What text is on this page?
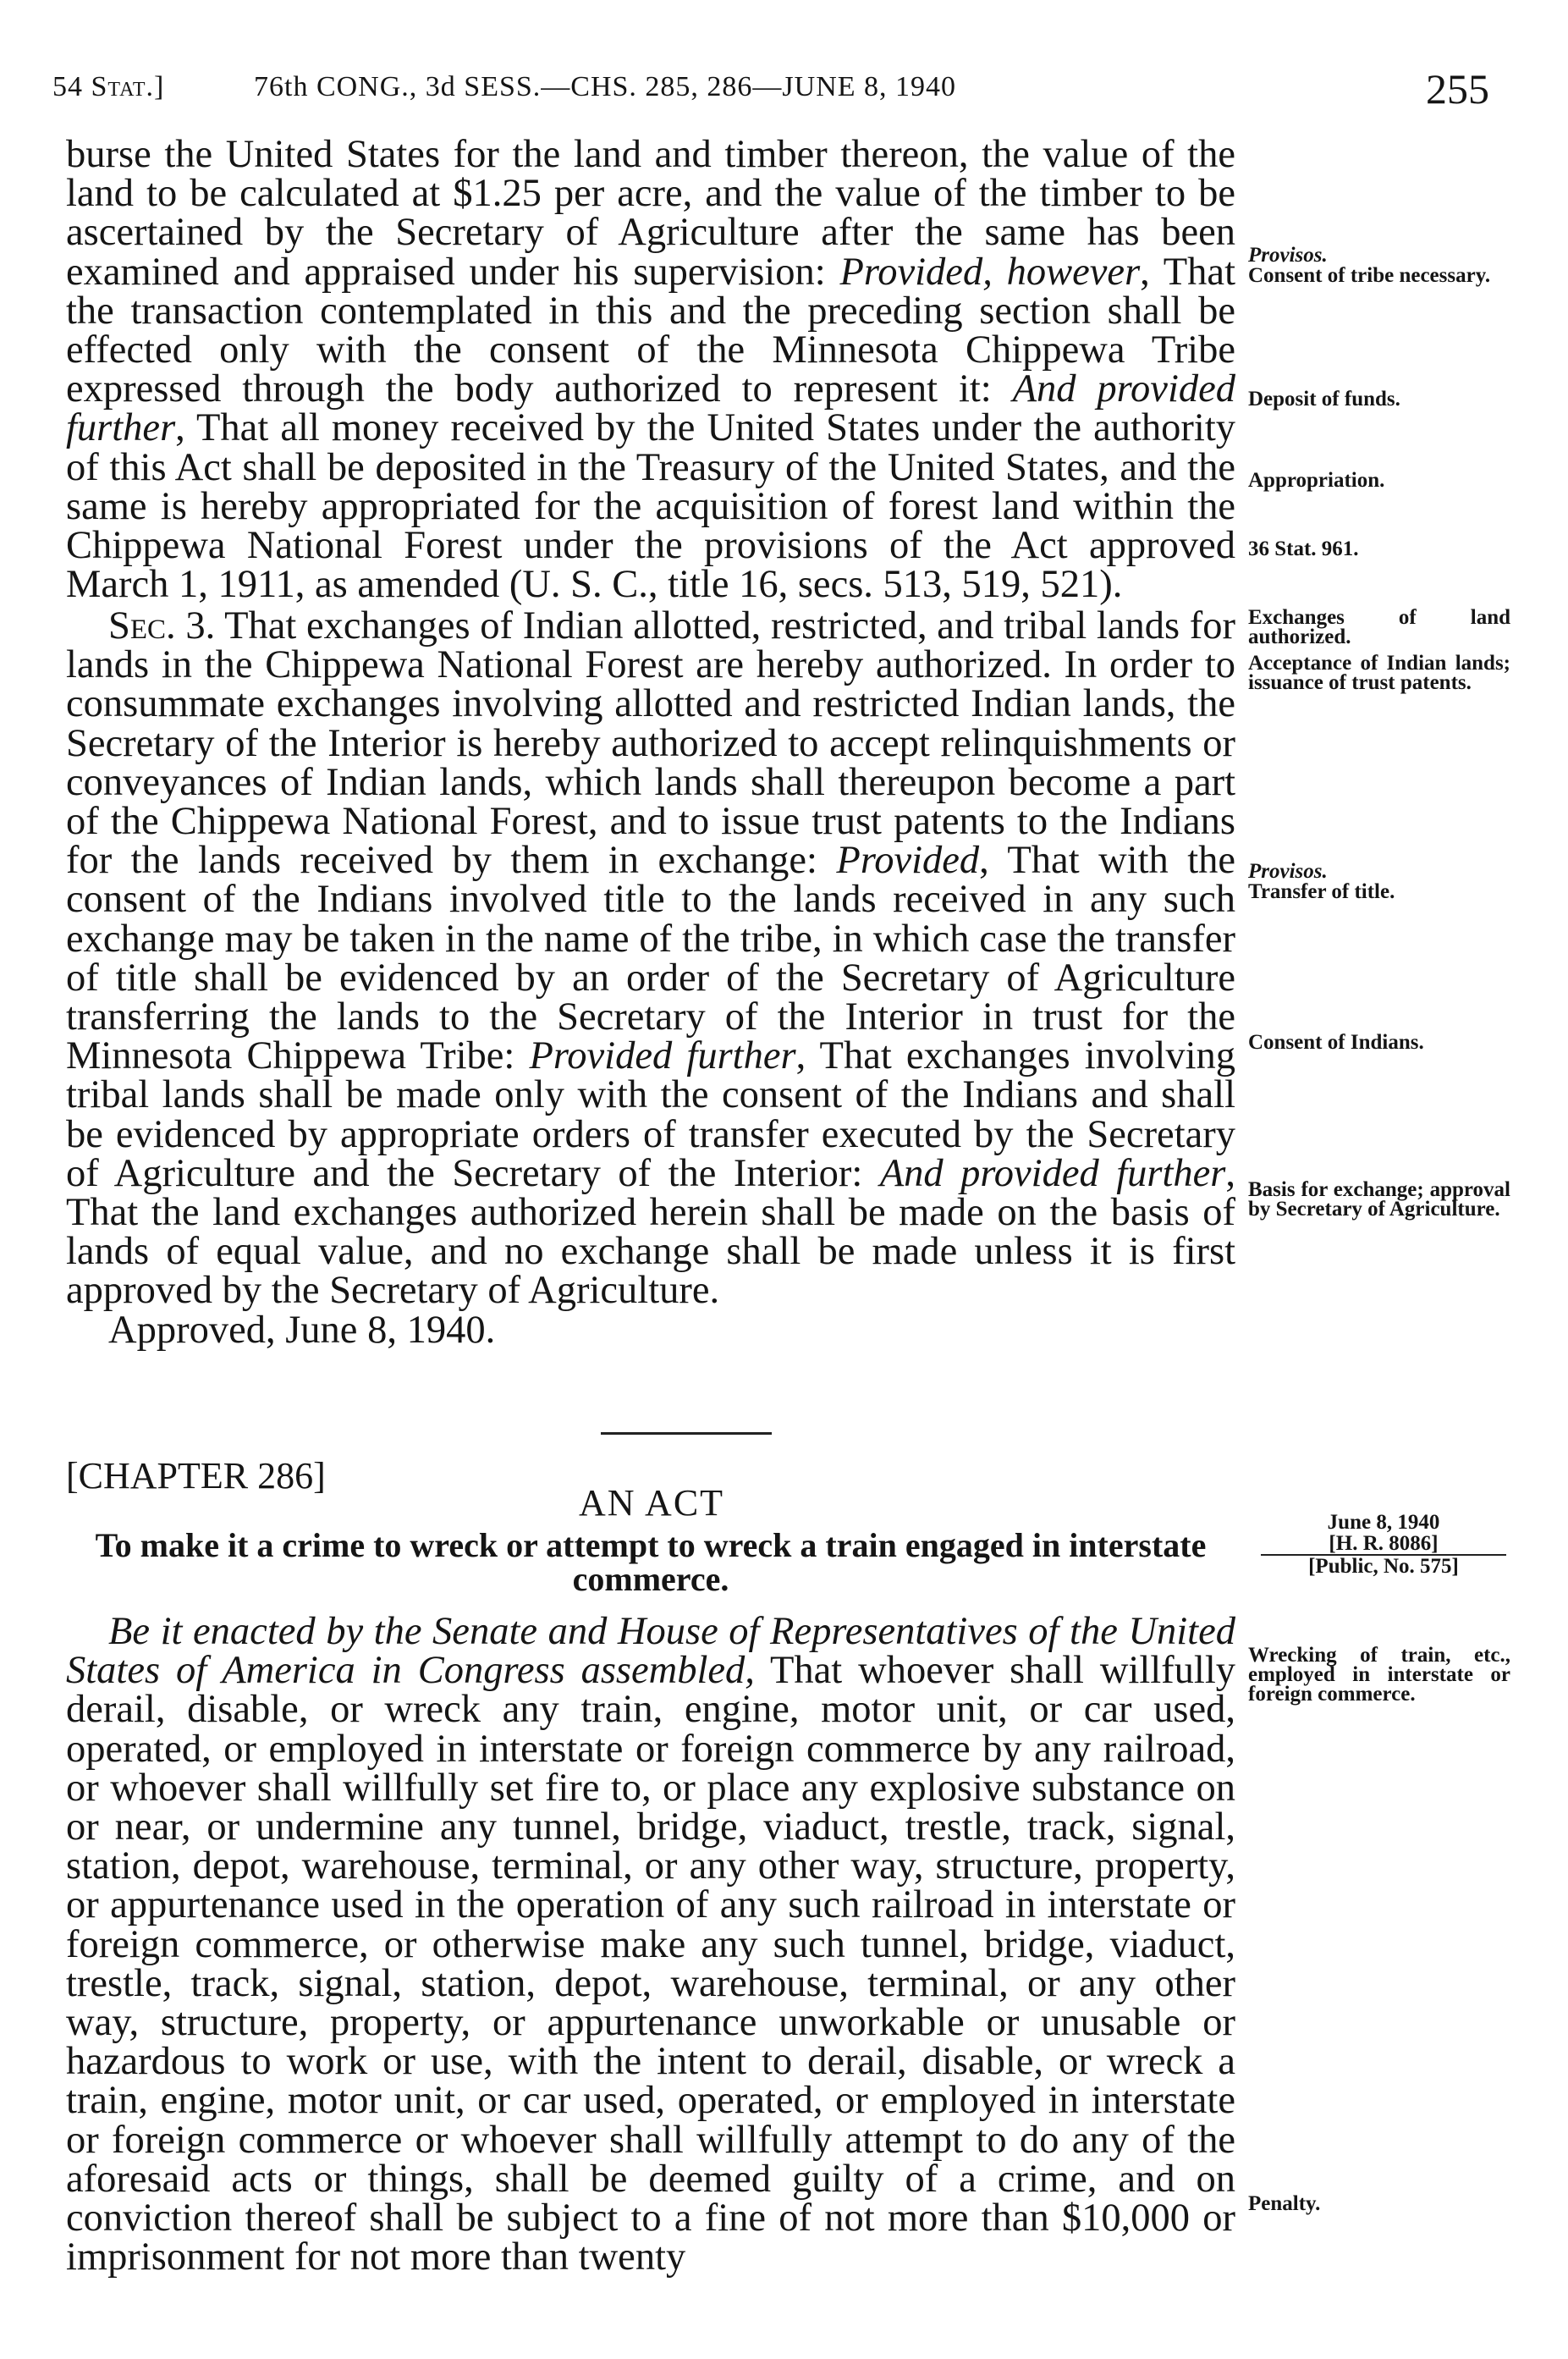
54 Stat.]	76th CONG., 3d SESS.—CHS. 285, 286—JUNE 8, 1940	255

burse the United States for the land and timber thereon, the value of the land to be calculated at $1.25 per acre, and the value of the timber to be ascertained by the Secretary of Agriculture after the same has been examined and appraised under his supervision: Provided, however, That the transaction contemplated in this and the preceding section shall be effected only with the consent of the Minnesota Chippewa Tribe expressed through the body authorized to represent it: And provided further, That all money received by the United States under the authority of this Act shall be deposited in the Treasury of the United States, and the same is hereby appropriated for the acquisition of forest land within the Chippewa National Forest under the provisions of the Act approved March 1, 1911, as amended (U. S. C., title 16, secs. 513, 519, 521).

Sec. 3. That exchanges of Indian allotted, restricted, and tribal lands for lands in the Chippewa National Forest are hereby authorized. In order to consummate exchanges involving allotted and restricted Indian lands, the Secretary of the Interior is hereby authorized to accept relinquishments or conveyances of Indian lands, which lands shall thereupon become a part of the Chippewa National Forest, and to issue trust patents to the Indians for the lands received by them in exchange: Provided, That with the consent of the Indians involved title to the lands received in any such exchange may be taken in the name of the tribe, in which case the transfer of title shall be evidenced by an order of the Secretary of Agriculture transferring the lands to the Secretary of the Interior in trust for the Minnesota Chippewa Tribe: Provided further, That exchanges involving tribal lands shall be made only with the consent of the Indians and shall be evidenced by appropriate orders of transfer executed by the Secretary of Agriculture and the Secretary of the Interior: And provided further, That the land exchanges authorized herein shall be made on the basis of lands of equal value, and no exchange shall be made unless it is first approved by the Secretary of Agriculture.

Approved, June 8, 1940.

[CHAPTER 286]
AN ACT
To make it a crime to wreck or attempt to wreck a train engaged in interstate commerce.

Be it enacted by the Senate and House of Representatives of the United States of America in Congress assembled, That whoever shall willfully derail, disable, or wreck any train, engine, motor unit, or car used, operated, or employed in interstate or foreign commerce by any railroad, or whoever shall willfully set fire to, or place any explosive substance on or near, or undermine any tunnel, bridge, viaduct, trestle, track, signal, station, depot, warehouse, terminal, or any other way, structure, property, or appurtenance used in the operation of any such railroad in interstate or foreign commerce, or otherwise make any such tunnel, bridge, viaduct, trestle, track, signal, station, depot, warehouse, terminal, or any other way, structure, property, or appurtenance unworkable or unusable or hazardous to work or use, with the intent to derail, disable, or wreck a train, engine, motor unit, or car used, operated, or employed in interstate or foreign commerce or whoever shall willfully attempt to do any of the aforesaid acts or things, shall be deemed guilty of a crime, and on conviction thereof shall be subject to a fine of not more than $10,000 or imprisonment for not more than twenty

June 8, 1940
[H. R. 8086]
[Public, No. 575]
Provisos.
Consent of tribe necessary.
Deposit of funds.
Appropriation.
36 Stat. 961.
Exchanges of land authorized.
Acceptance of Indian lands; issuance of trust patents.
Provisos.
Transfer of title.
Consent of Indians.
Basis for exchange; approval by Secretary of Agriculture.
Wrecking of train, etc., employed in interstate or foreign commerce.
Penalty.
